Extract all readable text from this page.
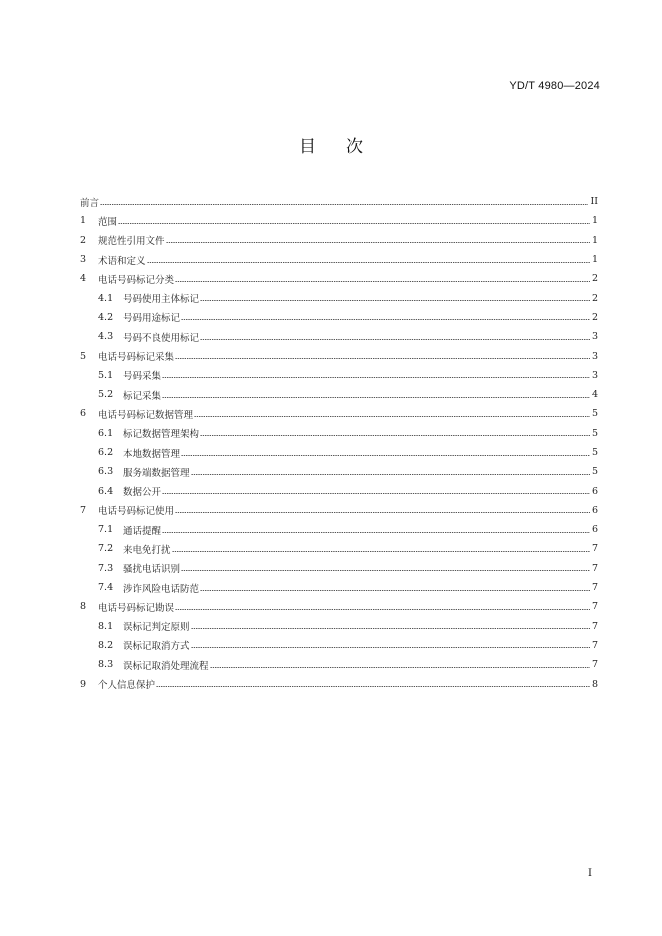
YD/T 4980—2024
目次
前言	II
1	范围	1
2	规范性引用文件	1
3	术语和定义	1
4	电话号码标记分类	2
4.1	号码使用主体标记	2
4.2	号码用途标记	2
4.3	号码不良使用标记	3
5	电话号码标记采集	3
5.1	号码采集	3
5.2	标记采集	4
6	电话号码标记数据管理	5
6.1	标记数据管理架构	5
6.2	本地数据管理	5
6.3	服务端数据管理	5
6.4	数据公开	6
7	电话号码标记使用	6
7.1	通话提醒	6
7.2	来电免打扰	7
7.3	骚扰电话识别	7
7.4	涉诈风险电话防范	7
8	电话号码标记勘误	7
8.1	误标记判定原则	7
8.2	误标记取消方式	7
8.3	误标记取消处理流程	7
9	个人信息保护	8
I
